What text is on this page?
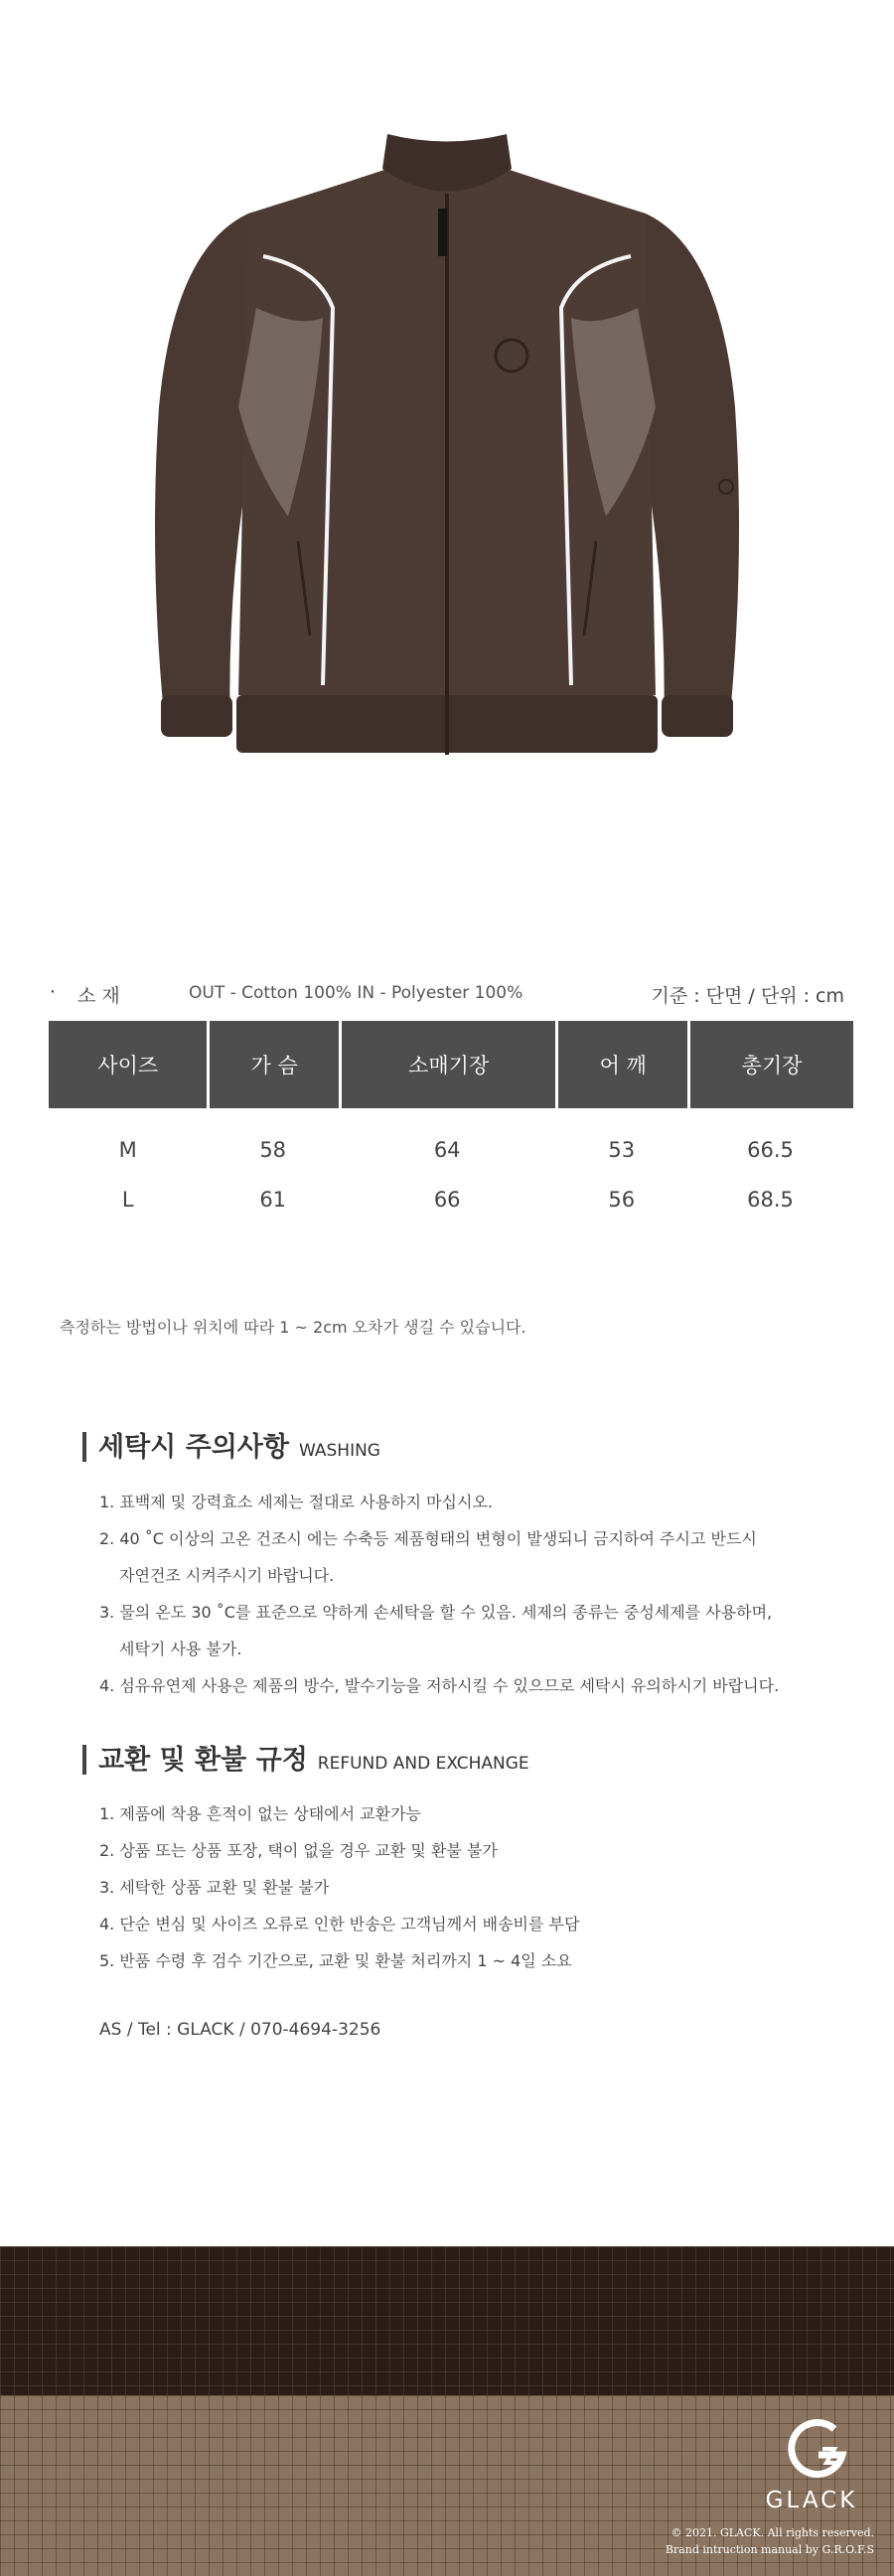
· 소재	OUT - Cotton 100% IN - Polyester 100%	기준 : 단면 / 단위 : cm
사이즈	가 슴	소매기장	어 깨	총기장
M	58	64	53	66.5
L	61	66	56	68.5
측정하는 방법이나 위치에 따라 1 ~ 2cm 오차가 생길 수 있습니다.
세탁시 주의사항 WASHING
1. 표백제 및 강력효소 세제는 절대로 사용하지 마십시오.
2. 40 ˚C 이상의 고온 건조시 에는 수축등 제품형태의 변형이 발생되니 금지하여 주시고 반드시
자연건조 시켜주시기 바랍니다.
3. 물의 온도 30 ˚C를 표준으로 약하게 손세탁을 할 수 있음. 세제의 종류는 중성세제를 사용하며,
세탁기 사용 불가.
4. 섬유유연제 사용은 제품의 방수, 발수기능을 저하시킬 수 있으므로 세탁시 유의하시기 바랍니다.
교환 및 환불 규정 REFUND AND EXCHANGE
1. 제품에 착용 흔적이 없는 상태에서 교환가능
2. 상품 또는 상품 포장, 택이 없을 경우 교환 및 환불 불가
3. 세탁한 상품 교환 및 환불 불가
4. 단순 변심 및 사이즈 오류로 인한 반송은 고객님께서 배송비를 부담
5. 반품 수령 후 검수 기간으로, 교환 및 환불 처리까지 1 ~ 4일 소요
AS / Tel : GLACK / 070-4694-3256
GLACK
© 2021. GLACK. All rights reserved.
Brand intruction manual by G.R.O.F.S
